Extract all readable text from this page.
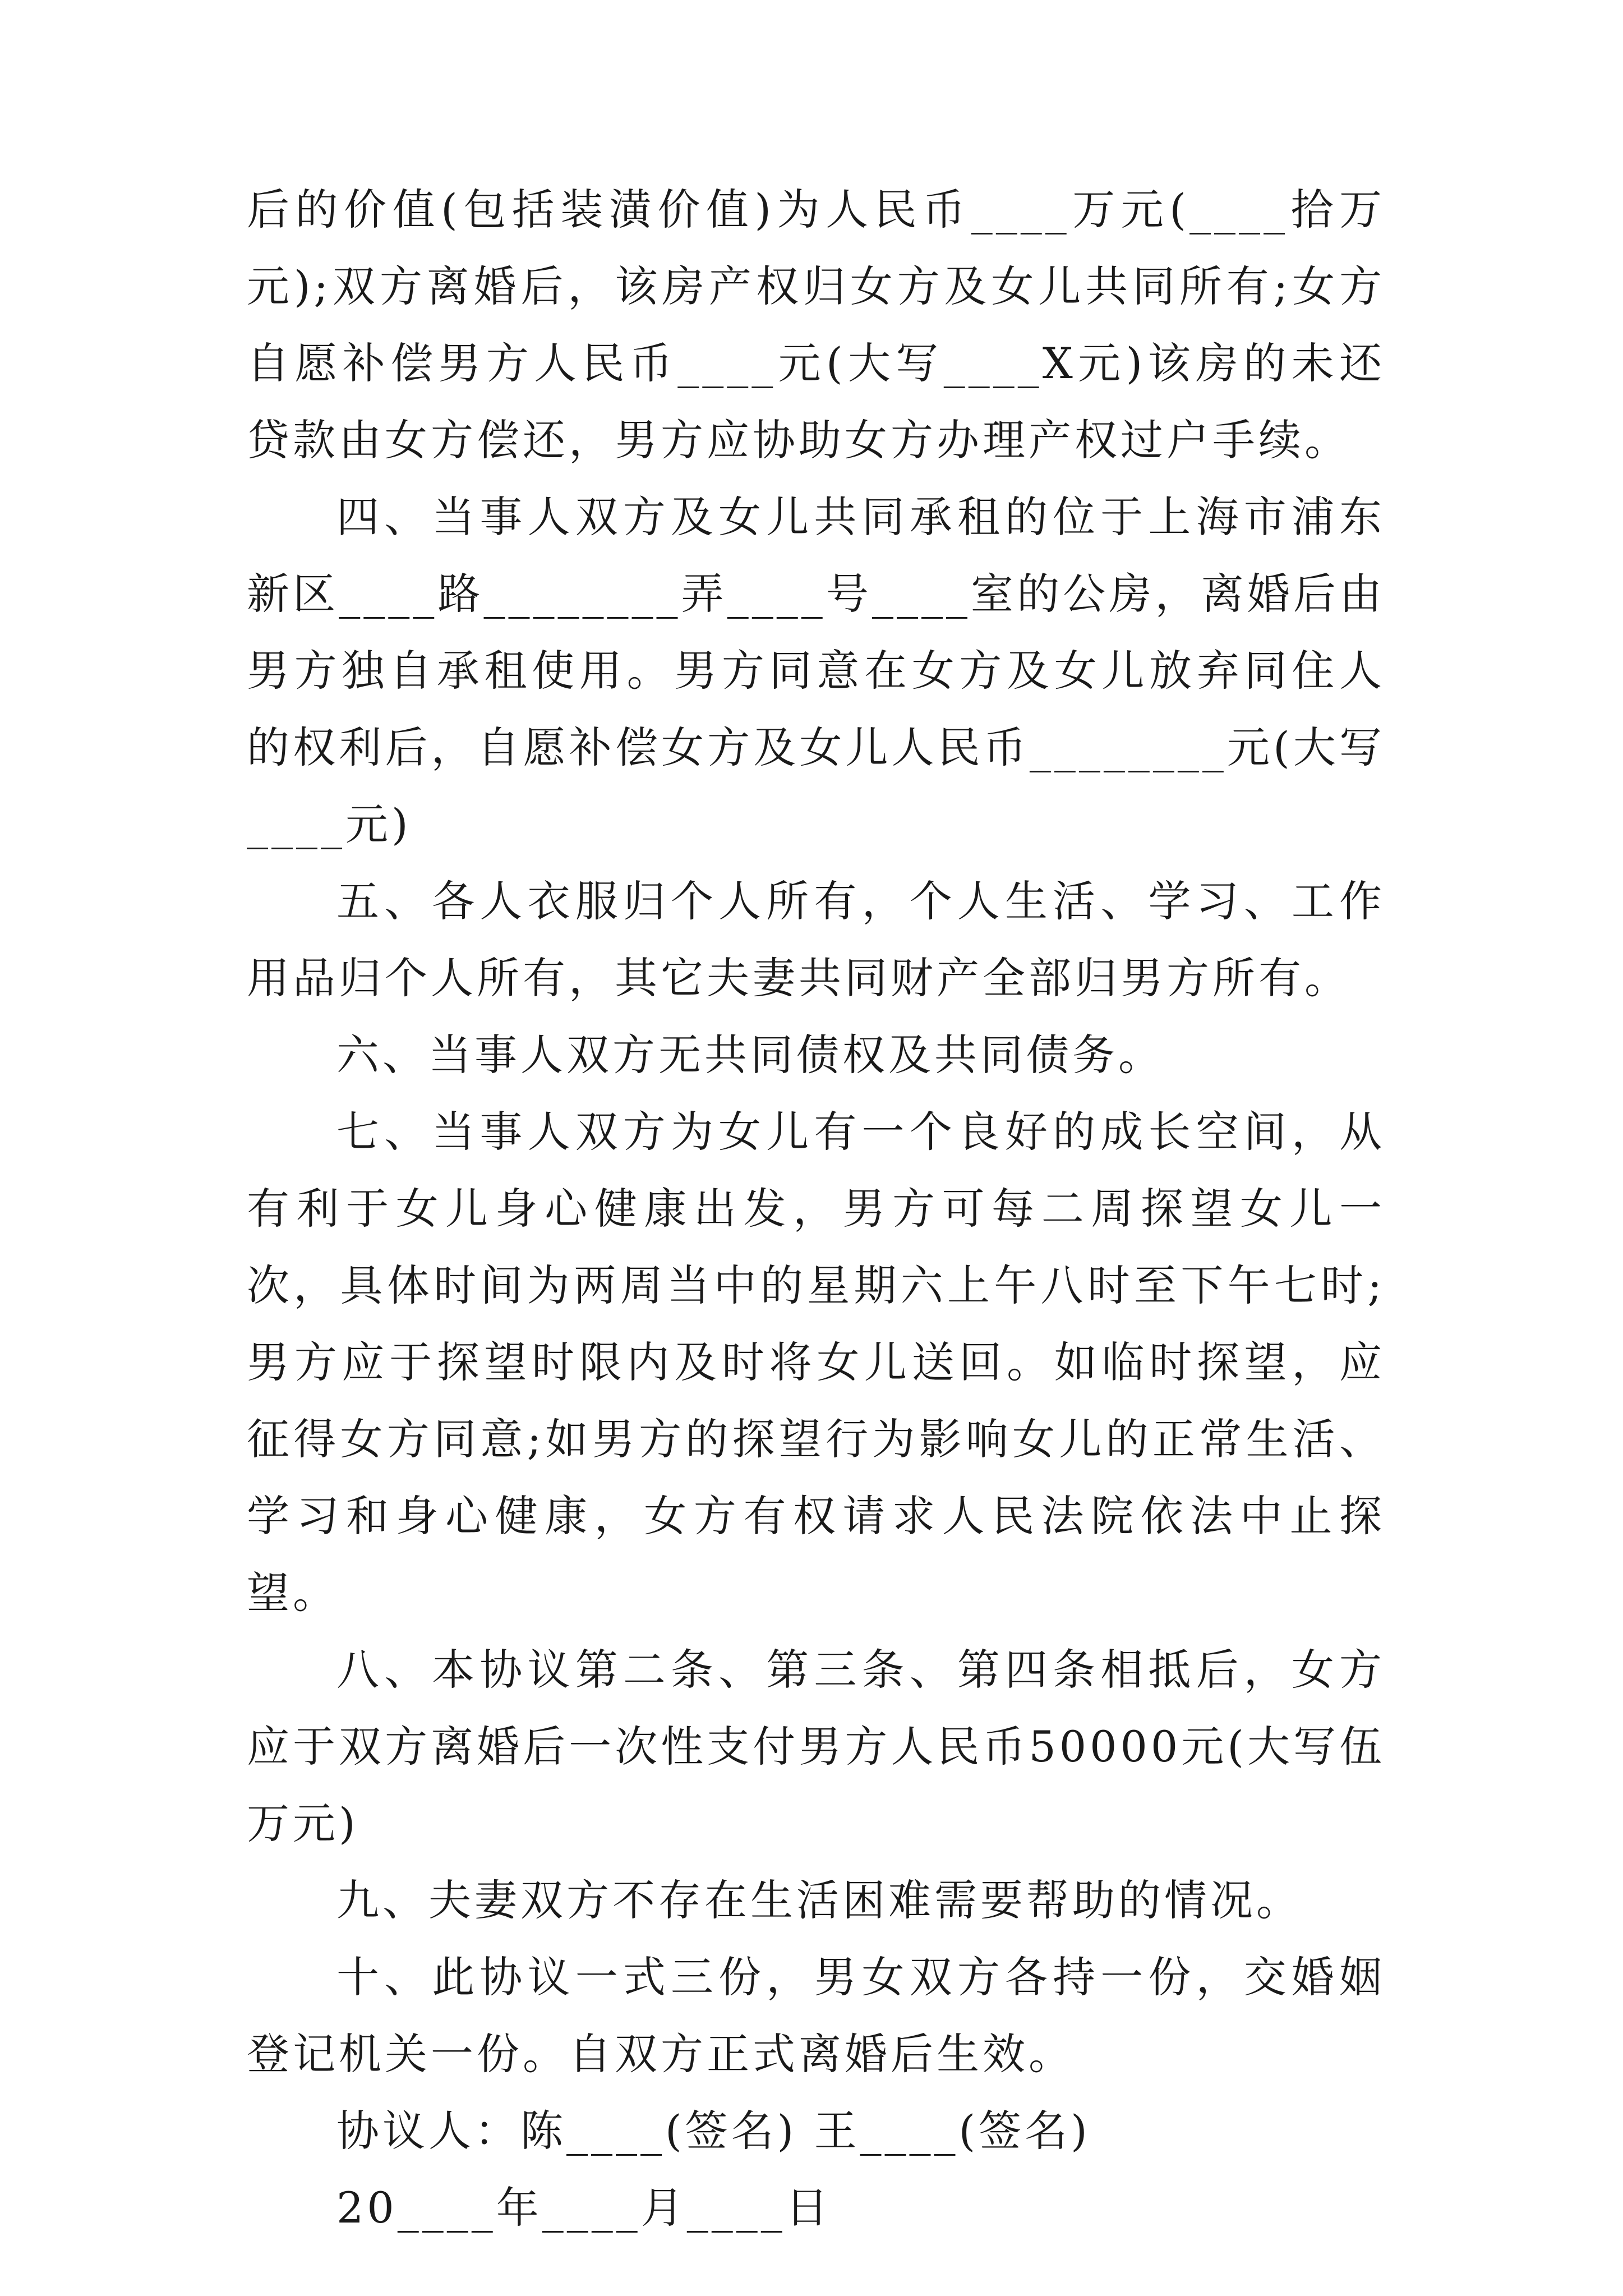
后的价值(包括装潢价值)为人民币____万元(____拾万元);双方离婚后，该房产权归女方及女儿共同所有;女方自愿补偿男方人民币____元(大写____X元)该房的未还贷款由女方偿还，男方应协助女方办理产权过户手续。

四、当事人双方及女儿共同承租的位于上海市浦东新区____路________弄____号____室的公房，离婚后由男方独自承租使用。男方同意在女方及女儿放弃同住人的权利后，自愿补偿女方及女儿人民币________元(大写____元)

五、各人衣服归个人所有，个人生活、学习、工作用品归个人所有，其它夫妻共同财产全部归男方所有。

六、当事人双方无共同债权及共同债务。

七、当事人双方为女儿有一个良好的成长空间，从有利于女儿身心健康出发，男方可每二周探望女儿一次，具体时间为两周当中的星期六上午八时至下午七时;男方应于探望时限内及时将女儿送回。如临时探望，应征得女方同意;如男方的探望行为影响女儿的正常生活、学习和身心健康，女方有权请求人民法院依法中止探望。

八、本协议第二条、第三条、第四条相抵后，女方应于双方离婚后一次性支付男方人民币50000元(大写伍万元)

九、夫妻双方不存在生活困难需要帮助的情况。

十、此协议一式三份，男女双方各持一份，交婚姻登记机关一份。自双方正式离婚后生效。

协议人：陈____(签名) 王____(签名)

20____年____月____日
